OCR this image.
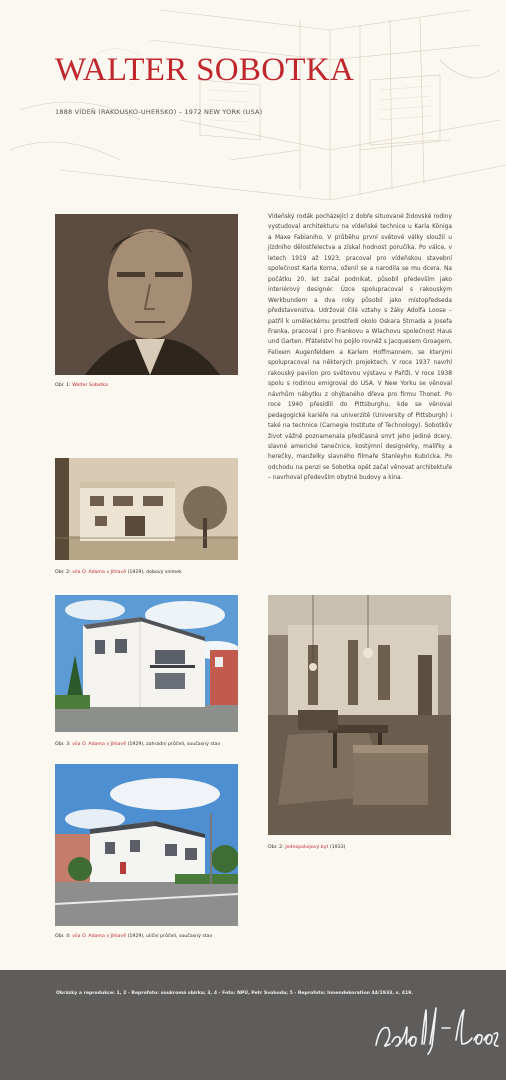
WALTER SOBOTKA
1888 VÍDEŇ (RAKOUSKO-UHERSKO) – 1972 NEW YORK (USA)

Vídeňský rodák pocházející z dobře situované židovské rodiny vystudoval architekturu na vídeňské technice u Karla Königa a Maxe Fabianiho. V průběhu první světové války sloužil u jízdního dělostřelectva a získal hodnost poručíka. Po válce, v letech 1919 až 1923, pracoval pro vídeňskou stavební společnost Karla Korna, oženil se a narodila se mu dcera. Na počátku 20. let začal podnikat, působil především jako interiérový designér. Úzce spolupracoval s rakouským Werkbundem a dva roky působil jako místopředseda představenstva. Udržoval čilé vztahy s žáky Adolfa Loose – patřil k uměleckému prostředí okolo Oskara Strnada a Josefa Franka, pracoval i pro Frankovu a Wlachovu společnost Haus und Garten. Přátelství ho pojilo rovněž s Jacquesem Groagem, Felixem Augenfeldem a Karlem Hoffmannem, se kterými spolupracoval na některých projektech. V roce 1937 navrhl rakouský pavilon pro světovou výstavu v Paříži. V roce 1938 spolu s rodinou emigroval do USA. V New Yorku se věnoval návrhům nábytku z ohýbaného dřeva pro firmu Thonet. Po roce 1940 přesídlil do Pittsburghu, kde se věnoval pedagogické kariéře na univerzitě (University of Pittsburgh) i také na technice (Carnegie Institute of Technology). Sobotkův život vážně poznamenala předčasná smrt jeho jediné dcery, slavné americké tanečnice, kostýmní designérky, malířky a herečky, manželky slavného filmaře Stanleyho Kubricka. Po odchodu na penzi se Sobotka opět začal věnovat architektuře – navrhoval především obytné budovy a kina.

Obr. 1: Walter Sobotka
Obr. 2: vila O. Adama v Jihlavě (1929), dobový snímek
Obr. 3: vila O. Adama v Jihlavě (1929), zahradní průčelí, současný stav
Obr. 4: vila O. Adama v Jihlavě (1929), uliční průčelí, současný stav
Obr. 2: Jednopokojový byt (1933)
Obrázky a reprodukce: 1, 2 - Reprofoto: soukromá sbírka; 3, 4 - Foto: NPÚ, Petr Svoboda; 5 - Reprofoto: Innendekoration 44/1933, s. 419.
